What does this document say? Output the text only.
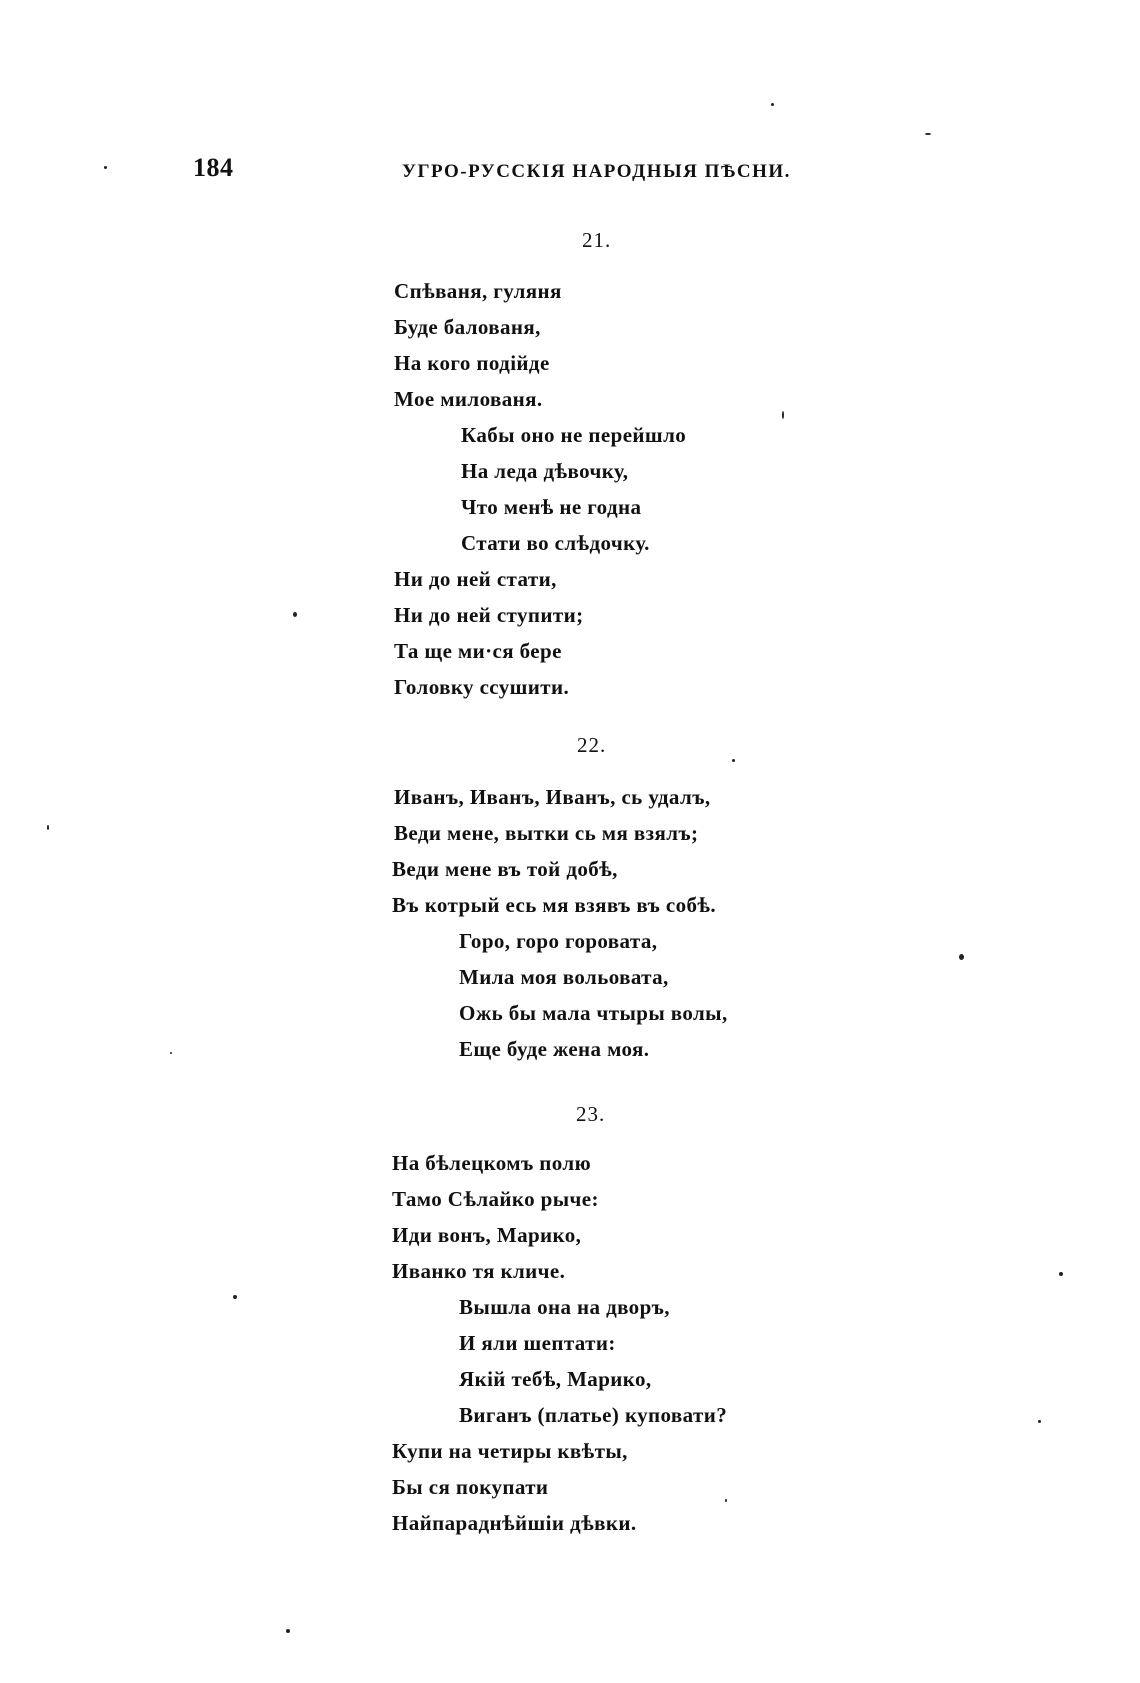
184	УГРО-РУССКІЯ НАРОДНЫЯ ПѢСНИ.
21.
Спѣваня, гуляня
Буде балованя,
На кого подійде
Мое милованя.
Кабы оно не перейшло
На леда дѣвочку,
Что менѣ не годна
Стати во слѣдочку.
Ни до ней стати,
Ни до ней ступити;
Та ще ми·ся бере
Головку ссушити.
22.
Иванъ, Иванъ, Иванъ, сь удалъ,
Веди мене, вытки сь мя взялъ;
Веди мене въ той добѣ,
Въ котрый есь мя взявъ въ собѣ.
Горо, горо горовата,
Мила моя вольовата,
Ожь бы мала чтыры волы,
Еще буде жена моя.
23.
На бѣлецкомъ полю
Тамо Сѣлайко рыче:
Иди вонъ, Марико,
Иванко тя кличе.
Вышла она на дворъ,
И яли шептати:
Якій тебѣ, Марико,
Виганъ (платье) куповати?
Купи на четиры квѣты,
Бы ся покупати
Найпараднѣйшіи дѣвки.
